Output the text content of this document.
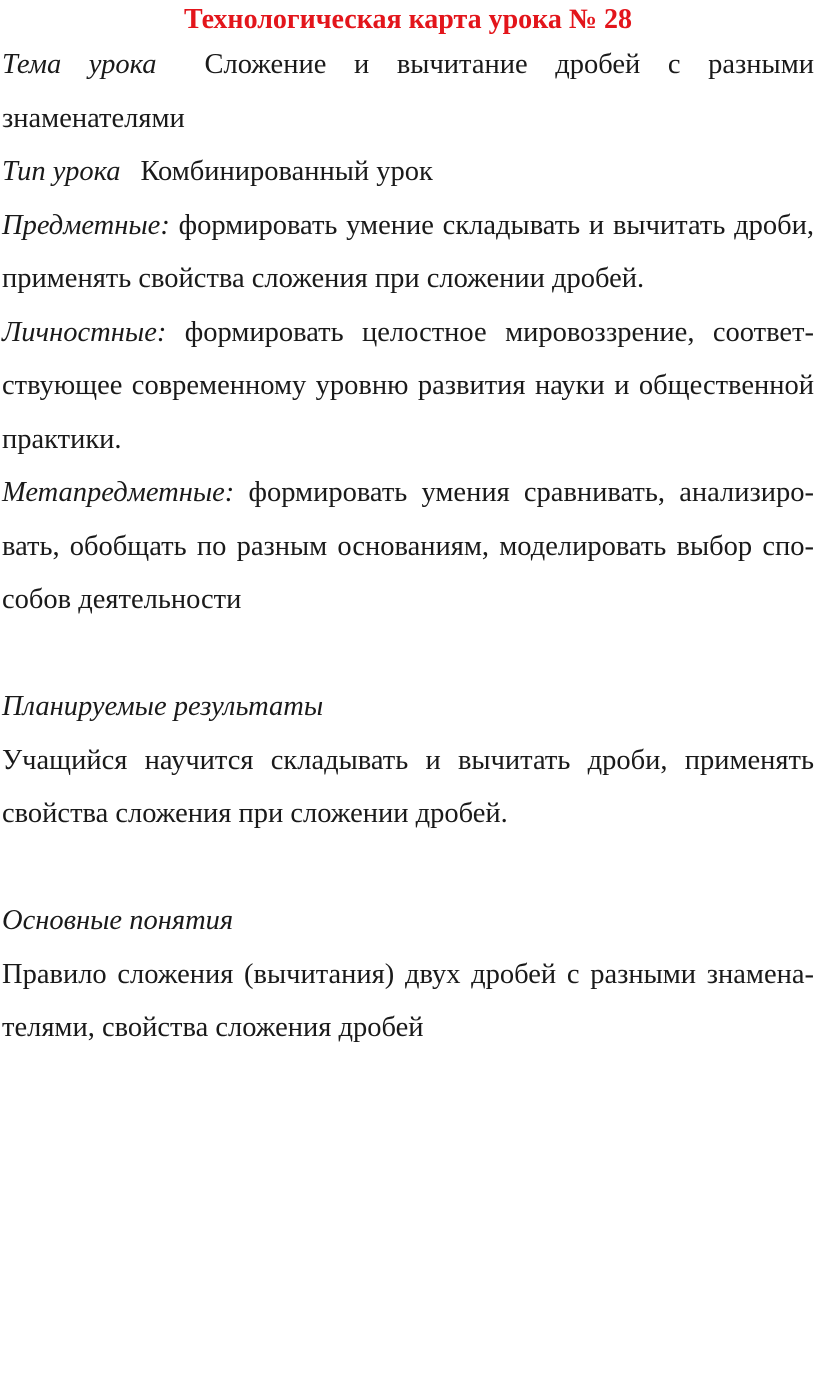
Технологическая карта урока № 28

Тема урока Сложение и вычитание дробей с разными знаменателями

Тип урока Комбинированный урок

Предметные: формировать умение складывать и вычитать дроби, применять свойства сложения при сложении дробей.

Личностные: формировать целостное мировоззрение, соответствующее современному уровню развития науки и общественной практики.

Метапредметные: формировать умения сравнивать, анализировать, обобщать по разным основаниям, моделировать выбор способов деятельности

Планируемые результаты

Учащийся научится складывать и вычитать дроби, применять свойства сложения при сложении дробей.

Основные понятия

Правило сложения (вычитания) двух дробей с разными знаменателями, свойства сложения дробей
